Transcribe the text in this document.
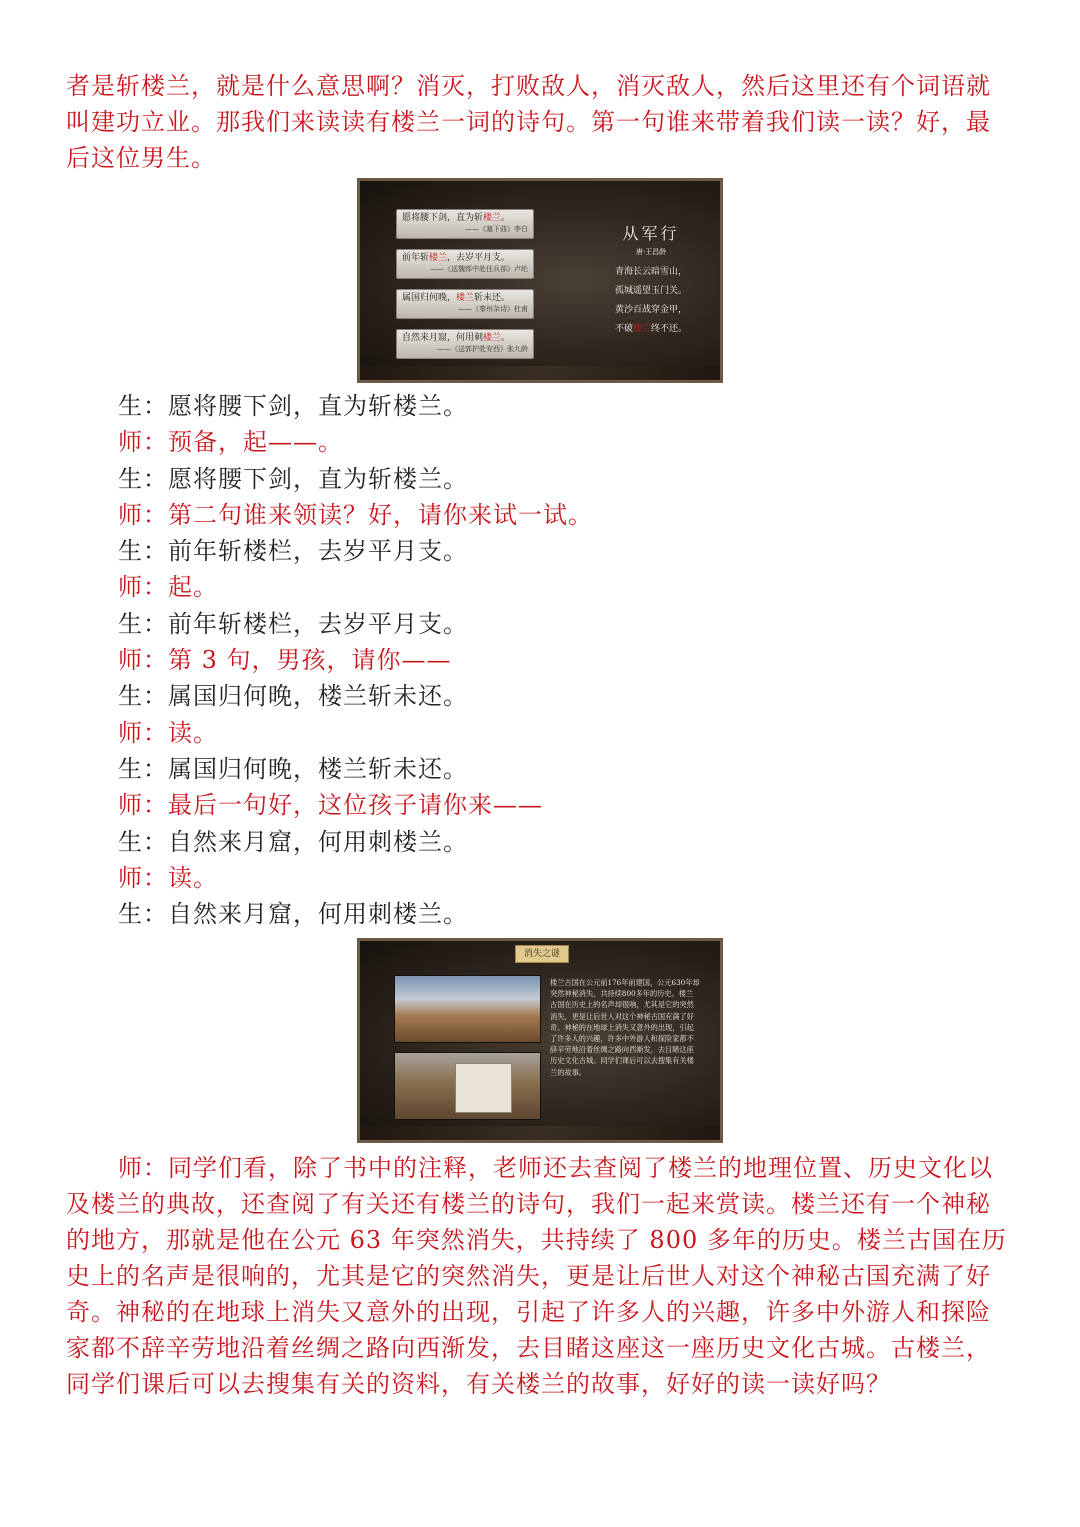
者是斩楼兰，就是什么意思啊？消灭，打败敌人，消灭敌人，然后这里还有个词语就叫建功立业。那我们来读读有楼兰一词的诗句。第一句谁来带着我们读一读？好，最后这位男生。

愿将腰下剑，直为斩楼兰。
——《塞下曲》李白
前年斩楼兰，去岁平月支。
——《送魏郎中赴任兵部》卢纶
属国归何晚，楼兰斩未还。
——《秦州杂诗》杜甫
自然来月窟，何用刺楼兰。
——《送郭护赴安西》张九龄
从军行
唐·王昌龄
青海长云暗雪山，
孤城遥望玉门关。
黄沙百战穿金甲，
不破楼兰终不还。
生：愿将腰下剑，直为斩楼兰。
师：预备，起——。
生：愿将腰下剑，直为斩楼兰。
师：第二句谁来领读？好，请你来试一试。
生：前年斩楼栏，去岁平月支。
师：起。
生：前年斩楼栏，去岁平月支。
师：第 3 句，男孩，请你——
生：属国归何晚，楼兰斩未还。
师：读。
生：属国归何晚，楼兰斩未还。
师：最后一句好，这位孩子请你来——
生：自然来月窟，何用刺楼兰。
师：读。
生：自然来月窟，何用刺楼兰。
消失之谜
楼兰古国在公元前176年前建国，公元630年却突然神秘消失，共持续800多年的历史。楼兰古国在历史上的名声却很响，尤其是它的突然消失，更是让后世人对这个神秘古国充满了好奇。神秘的在地球上消失又意外的出现，引起了许多人的兴趣，许多中外游人和探险家都不辞辛劳地沿着丝绸之路向西渐发，去目睹这座历史文化古城。同学们课后可以去搜集有关楼兰的故事。

师：同学们看，除了书中的注释，老师还去查阅了楼兰的地理位置、历史文化以及楼兰的典故，还查阅了有关还有楼兰的诗句，我们一起来赏读。楼兰还有一个神秘的地方，那就是他在公元 63 年突然消失，共持续了 800 多年的历史。楼兰古国在历史上的名声是很响的，尤其是它的突然消失，更是让后世人对这个神秘古国充满了好奇。神秘的在地球上消失又意外的出现，引起了许多人的兴趣，许多中外游人和探险家都不辞辛劳地沿着丝绸之路向西渐发，去目睹这座这一座历史文化古城。古楼兰，同学们课后可以去搜集有关的资料，有关楼兰的故事，好好的读一读好吗？
